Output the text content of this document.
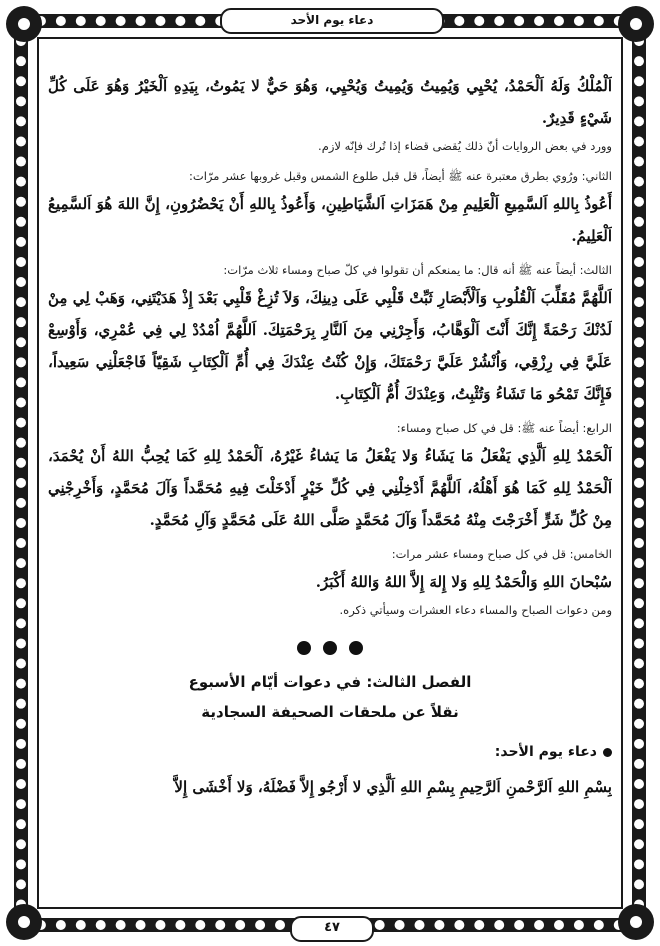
دعاء يوم الأحد

اَلْمُلْكُ وَلَهُ اَلْحَمْدُ، يُحْيِي وَيُمِيتُ وَيُمِيتُ وَيُحْيِي، وَهُوَ حَيٌّ لا يَمُوتُ، بِيَدِهِ اَلْخَيْرُ وَهُوَ عَلَى كُلِّ شَيْءٍ قَدِيرٌ.

وورد في بعض الروايات أنّ ذلك يُقضى قضاء إذا تُرك فإنّه لازم.

الثاني: ورُوي بطرق معتبرة عنه ﷺ أيضاً، قل قبل طلوع الشمس وقبل غروبها عشر مرّات:

أَعُوذُ بِاللهِ اَلسَّمِيعِ اَلْعَلِيمِ مِنْ هَمَزَاتِ اَلشَّيَاطِينِ، وَأَعُوذُ بِاللهِ أَنْ يَحْضُرُونِ، إِنَّ اللهَ هُوَ اَلسَّمِيعُ اَلْعَلِيمُ.

الثالث: أيضاً عنه ﷺ أنه قال: ما يمنعكم أن تقولوا في كلّ صباح ومساء ثلاث مرّات:

اَللَّهُمَّ مُقَلِّبَ اَلْقُلُوبِ وَاَلْأَبْصَارِ ثَبِّتْ قَلْبِي عَلَى دِينِكَ، وَلاَ تُزِغْ قَلْبِي بَعْدَ إِذْ هَدَيْتَنِي، وَهَبْ لِي مِنْ لَدُنْكَ رَحْمَةً إِنَّكَ أَنْتَ اَلْوَهَّابُ، وَأَجِرْنِي مِنَ اَلنَّارِ بِرَحْمَتِكَ. اَللَّهُمَّ اُمْدُدْ لِي فِي عُمْرِي، وَأَوْسِعْ عَلَيَّ فِي رِزْقِي، وَاُنْشُرْ عَلَيَّ رَحْمَتَكَ، وَإِنْ كُنْتُ عِنْدَكَ فِي أُمِّ اَلْكِتَابِ شَقِيّاً فَاجْعَلْنِي سَعِيداً، فَإِنَّكَ تَمْحُو مَا تَشَاءُ وَتُثْبِتُ، وَعِنْدَكَ أُمُّ اَلْكِتَابِ.

الرابع: أيضاً عنه ﷺ: قل في كل صباح ومساء:

اَلْحَمْدُ لِلهِ اَلَّذِي يَفْعَلُ مَا يَشَاءُ وَلا يَفْعَلُ مَا يَشاءُ غَيْرُهُ، اَلْحَمْدُ لِلهِ كَمَا يُحِبُّ اللهُ أَنْ يُحْمَدَ، اَلْحَمْدُ لِلهِ كَمَا هُوَ أَهْلُهُ، اَللَّهُمَّ أَدْخِلْنِي فِي كُلِّ خَيْرٍ أَدْخَلْتَ فِيهِ مُحَمَّداً وَآلَ مُحَمَّدٍ، وَأَخْرِجْنِي مِنْ كُلِّ شَرٍّ أَخْرَجْتَ مِنْهُ مُحَمَّداً وَآلَ مُحَمَّدٍ صَلَّى اللهُ عَلَى مُحَمَّدٍ وَآلِ مُحَمَّدٍ.

الخامس: قل في كل صباح ومساء عشر مرات:

سُبْحانَ اللهِ وَالْحَمْدُ لِلهِ وَلا إِلهَ إِلاَّ اللهُ وَاللهُ أَكْبَرُ.

ومن دعوات الصباح والمساء دعاء العشرات وسيأتي ذكره.

الفصل الثالث: في دعوات أيّام الأسبوع

نقلاً عن ملحقات الصحيفة السجادية

دعاء يوم الأحد:

بِسْمِ اللهِ اَلرَّحْمنِ اَلرَّحِيمِ بِسْمِ اللهِ اَلَّذِي لا أَرْجُو إِلاَّ فَضْلَهُ، وَلا أَخْشَى إِلاَّ

٤٧
